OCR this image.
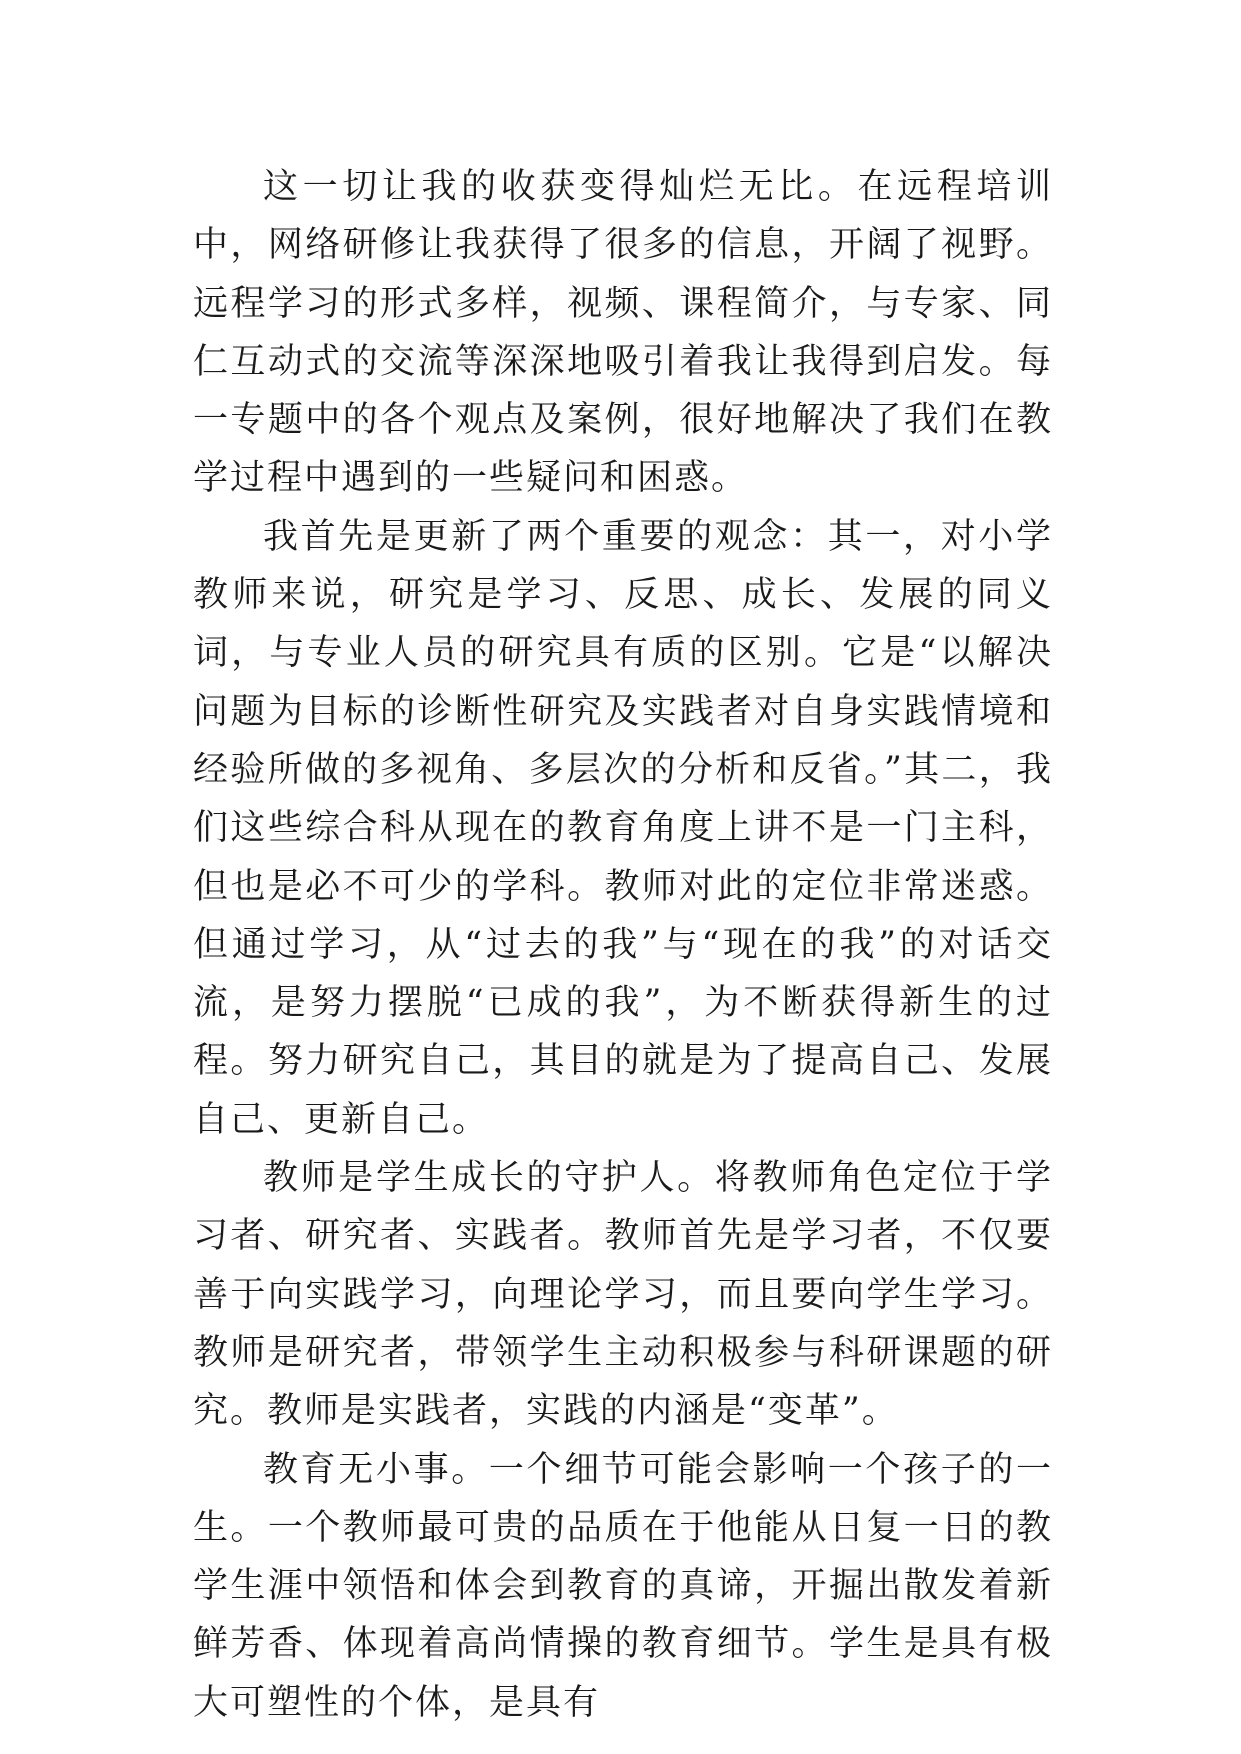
这一切让我的收获变得灿烂无比。在远程培训中，网络研修让我获得了很多的信息，开阔了视野。远程学习的形式多样，视频、课程简介，与专家、同仁互动式的交流等深深地吸引着我让我得到启发。每一专题中的各个观点及案例，很好地解决了我们在教学过程中遇到的一些疑问和困惑。

我首先是更新了两个重要的观念：其一，对小学教师来说，研究是学习、反思、成长、发展的同义词，与专业人员的研究具有质的区别。它是“以解决问题为目标的诊断性研究及实践者对自身实践情境和经验所做的多视角、多层次的分析和反省。”其二，我们这些综合科从现在的教育角度上讲不是一门主科，但也是必不可少的学科。教师对此的定位非常迷惑。但通过学习，从“过去的我”与“现在的我”的对话交流，是努力摆脱“已成的我”，为不断获得新生的过程。努力研究自己，其目的就是为了提高自己、发展自己、更新自己。

教师是学生成长的守护人。将教师角色定位于学习者、研究者、实践者。教师首先是学习者，不仅要善于向实践学习，向理论学习，而且要向学生学习。教师是研究者，带领学生主动积极参与科研课题的研究。教师是实践者，实践的内涵是“变革”。

教育无小事。一个细节可能会影响一个孩子的一生。一个教师最可贵的品质在于他能从日复一日的教学生涯中领悟和体会到教育的真谛，开掘出散发着新鲜芳香、体现着高尚情操的教育细节。学生是具有极大可塑性的个体，是具有
